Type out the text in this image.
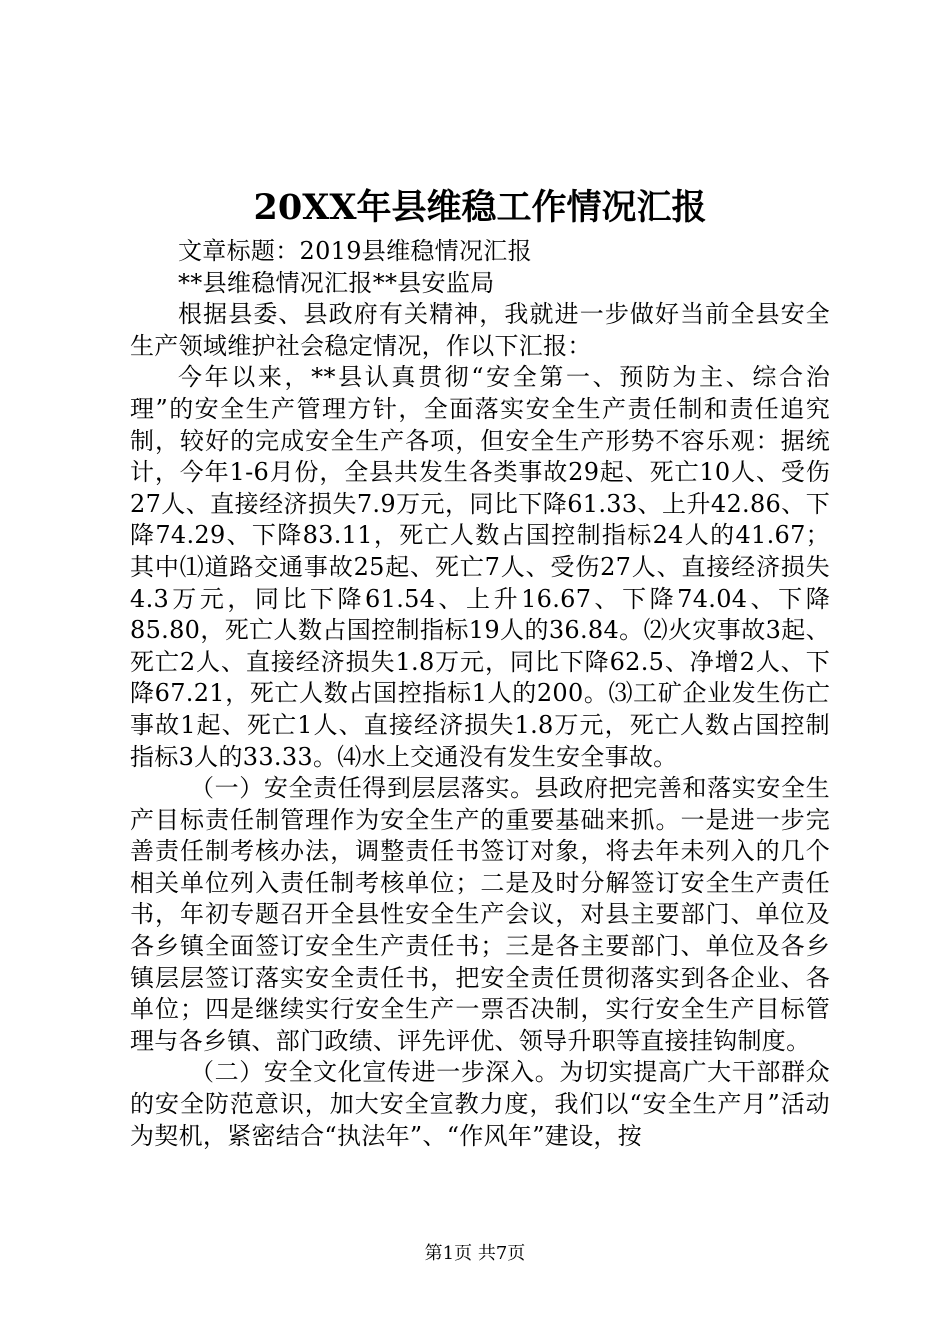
20XX年县维稳工作情况汇报

文章标题：2019县维稳情况汇报

**县维稳情况汇报**县安监局

根据县委、县政府有关精神，我就进一步做好当前全县安全生产领域维护社会稳定情况，作以下汇报：

今年以来，**县认真贯彻“安全第一、预防为主、综合治理”的安全生产管理方针，全面落实安全生产责任制和责任追究制，较好的完成安全生产各项，但安全生产形势不容乐观：据统计，今年1-6月份，全县共发生各类事故29起、死亡10人、受伤27人、直接经济损失7.9万元，同比下降61.33、上升42.86、下降74.29、下降83.11，死亡人数占国控制指标24人的41.67；其中⑴道路交通事故25起、死亡7人、受伤27人、直接经济损失4.3万元，同比下降61.54、上升16.67、下降74.04、下降85.80，死亡人数占国控制指标19人的36.84。⑵火灾事故3起、死亡2人、直接经济损失1.8万元，同比下降62.5、净增2人、下降67.21，死亡人数占国控指标1人的200。⑶工矿企业发生伤亡事故1起、死亡1人、直接经济损失1.8万元，死亡人数占国控制指标3人的33.33。⑷水上交通没有发生安全事故。

（一）安全责任得到层层落实。县政府把完善和落实安全生产目标责任制管理作为安全生产的重要基础来抓。一是进一步完善责任制考核办法，调整责任书签订对象，将去年未列入的几个相关单位列入责任制考核单位；二是及时分解签订安全生产责任书，年初专题召开全县性安全生产会议，对县主要部门、单位及各乡镇全面签订安全生产责任书；三是各主要部门、单位及各乡镇层层签订落实安全责任书，把安全责任贯彻落实到各企业、各单位；四是继续实行安全生产一票否决制，实行安全生产目标管理与各乡镇、部门政绩、评先评优、领导升职等直接挂钩制度。

（二）安全文化宣传进一步深入。为切实提高广大干部群众的安全防范意识，加大安全宣教力度，我们以“安全生产月”活动为契机，紧密结合“执法年”、“作风年”建设，按

第1页 共7页
